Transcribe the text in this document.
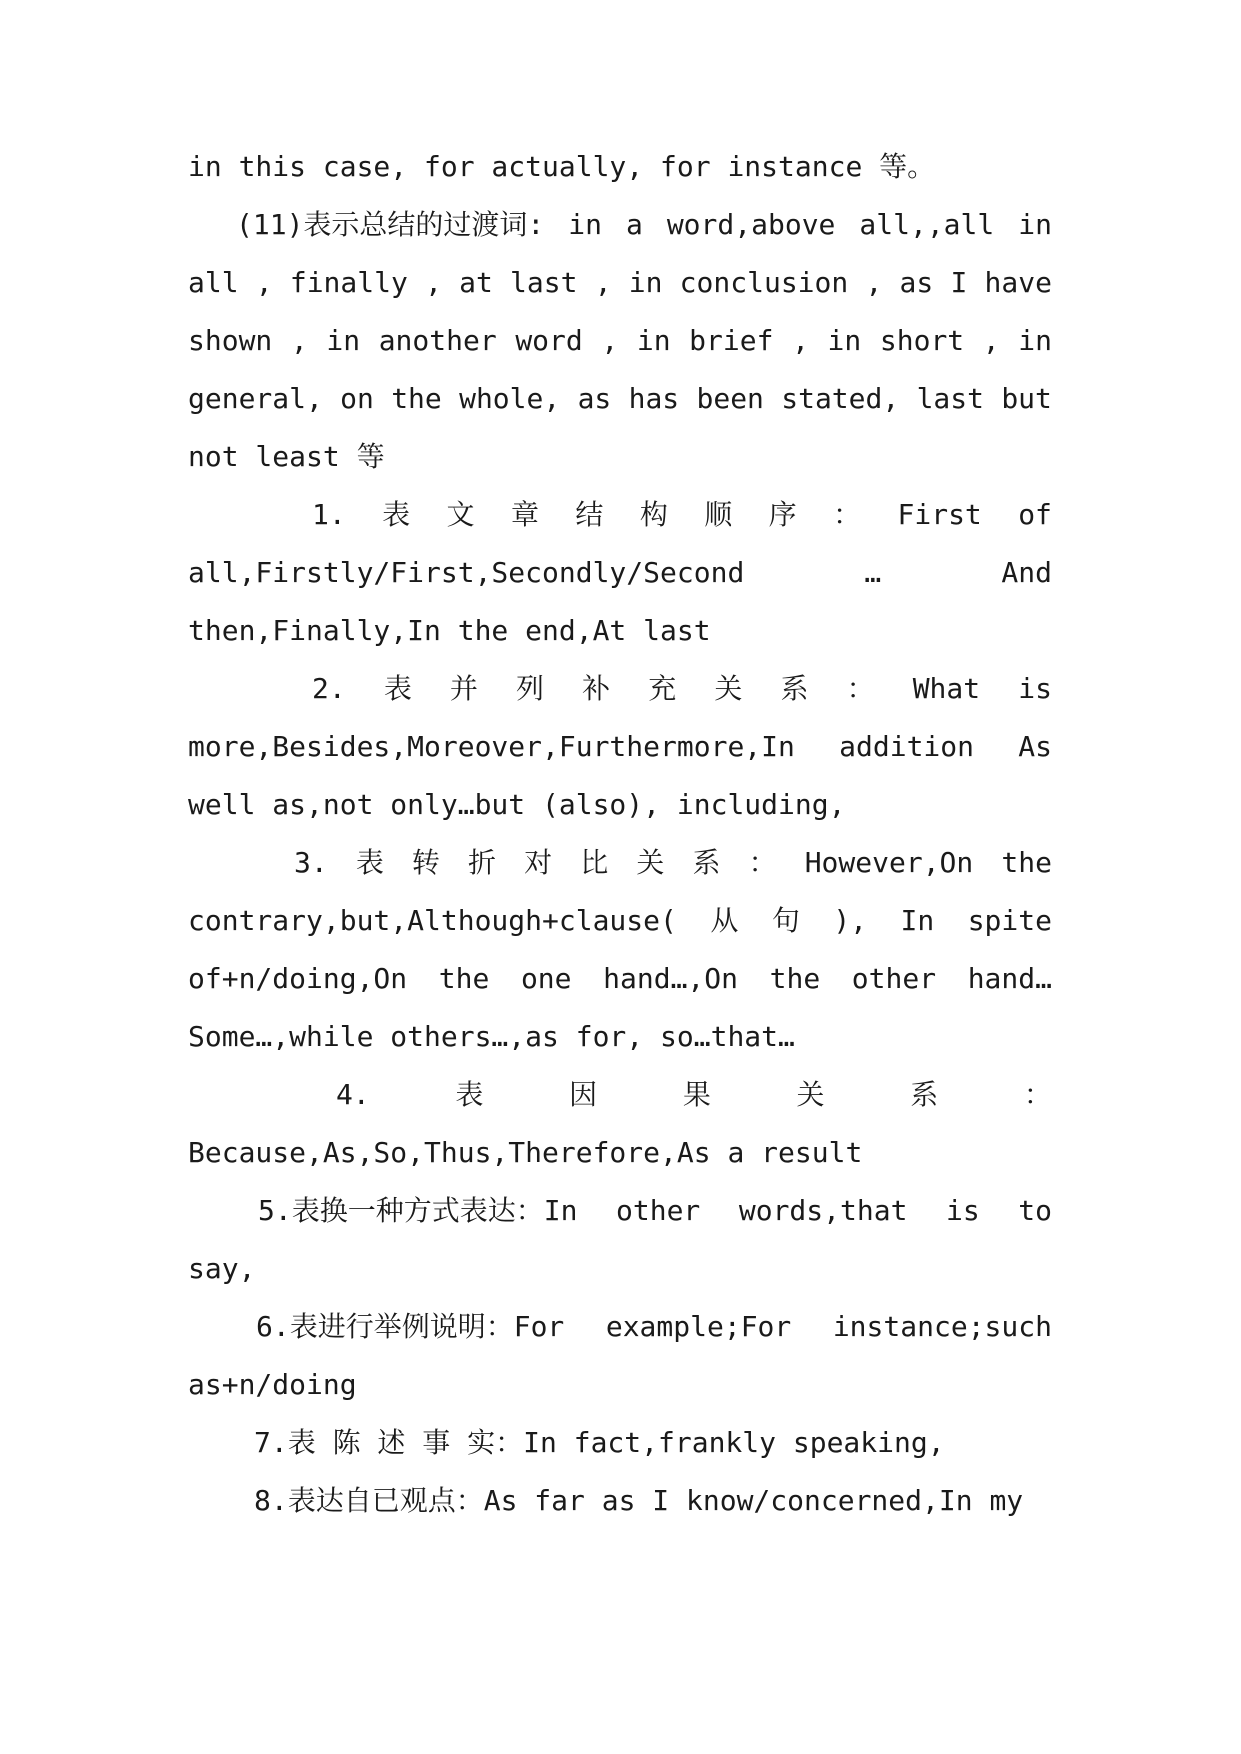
in this case, for actually, for instance 等。
(11)表示总结的过渡词: in a word,above all,,all in
all , finally , at last , in conclusion , as I have
shown , in another word , in brief , in short , in
general, on the whole, as has been stated, last but
not least 等
1. 表 文 章 结 构 顺 序 ： First of
all,Firstly/First,Secondly/Second	…	And
then,Finally,In the end,At last
2. 表 并 列 补 充 关 系 ： What is
more,Besides,Moreover,Furthermore,In addition As
well as,not only…but (also), including,
3. 表 转 折 对 比 关 系 ： However,On the
contrary,but,Although+clause( 从 句 ), In spite
of+n/doing,On the one hand…,On the other hand…
Some…,while others…,as for, so…that…
4.	表	因	果	关	系	：
Because,As,So,Thus,Therefore,As a result
5.表换一种方式表达：In other words,that is to
say,
6.表进行举例说明：For example;For instance;such
as+n/doing
7.表 陈 述 事 实：In fact,frankly speaking,
8.表达自已观点：As far as I know/concerned,In my
